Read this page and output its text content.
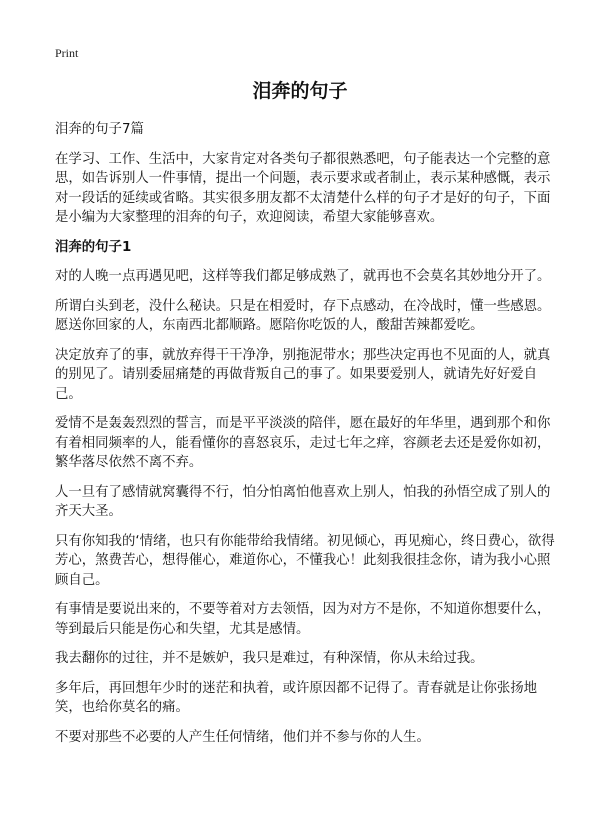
Print
泪奔的句子

泪奔的句子7篇

在学习、工作、生活中，大家肯定对各类句子都很熟悉吧，句子能表达一个完整的意思，如告诉别人一件事情，提出一个问题，表示要求或者制止，表示某种感慨，表示对一段话的延续或省略。其实很多朋友都不太清楚什么样的句子才是好的句子，下面是小编为大家整理的泪奔的句子，欢迎阅读，希望大家能够喜欢。

泪奔的句子1

对的人晚一点再遇见吧，这样等我们都足够成熟了，就再也不会莫名其妙地分开了。

所谓白头到老，没什么秘诀。只是在相爱时，存下点感动，在冷战时，懂一些感恩。愿送你回家的人，东南西北都顺路。愿陪你吃饭的人，酸甜苦辣都爱吃。

决定放弃了的事，就放弃得干干净净，别拖泥带水；那些决定再也不见面的人，就真的别见了。请别委屈痛楚的再做背叛自己的事了。如果要爱别人，就请先好好爱自己。

爱情不是轰轰烈烈的誓言，而是平平淡淡的陪伴，愿在最好的年华里，遇到那个和你有着相同频率的人，能看懂你的喜怒哀乐，走过七年之痒，容颜老去还是爱你如初，繁华落尽依然不离不弃。

人一旦有了感情就窝囊得不行，怕分怕离怕他喜欢上别人，怕我的孙悟空成了别人的齐天大圣。

只有你知我的‘情绪，也只有你能带给我情绪。初见倾心，再见痴心，终日费心，欲得芳心，煞费苦心，想得催心，难道你心，不懂我心！此刻我很挂念你，请为我小心照顾自己。

有事情是要说出来的，不要等着对方去领悟，因为对方不是你，不知道你想要什么，等到最后只能是伤心和失望，尤其是感情。

我去翻你的过往，并不是嫉妒，我只是难过，有种深情，你从未给过我。

多年后，再回想年少时的迷茫和执着，或许原因都不记得了。青春就是让你张扬地笑，也给你莫名的痛。

不要对那些不必要的人产生任何情绪，他们并不参与你的人生。
